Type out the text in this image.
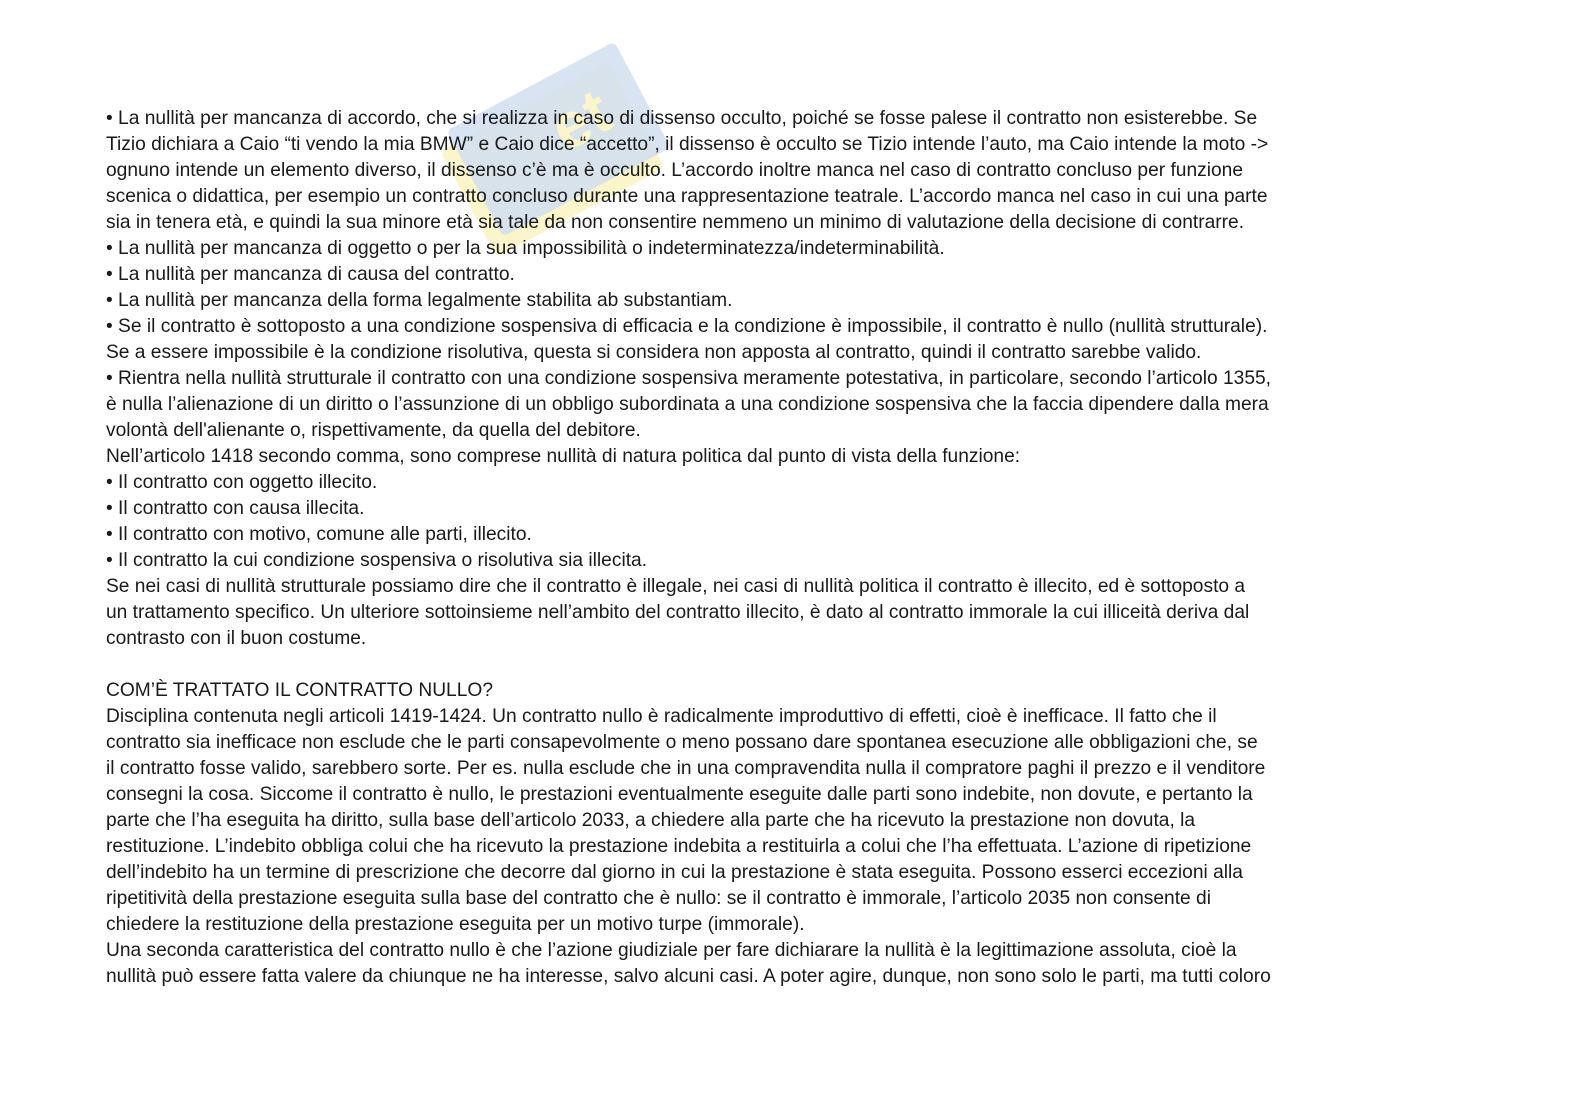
et
• La nullità per mancanza di accordo, che si realizza in caso di dissenso occulto, poiché se fosse palese il contratto non esisterebbe. Se
Tizio dichiara a Caio “ti vendo la mia BMW” e Caio dice “accetto”, il dissenso è occulto se Tizio intende l’auto, ma Caio intende la moto ->
ognuno intende un elemento diverso, il dissenso c’è ma è occulto. L’accordo inoltre manca nel caso di contratto concluso per funzione
scenica o didattica, per esempio un contratto concluso durante una rappresentazione teatrale. L’accordo manca nel caso in cui una parte
sia in tenera età, e quindi la sua minore età sia tale da non consentire nemmeno un minimo di valutazione della decisione di contrarre.
• La nullità per mancanza di oggetto o per la sua impossibilità o indeterminatezza/indeterminabilità.
• La nullità per mancanza di causa del contratto.
• La nullità per mancanza della forma legalmente stabilita ab substantiam.
• Se il contratto è sottoposto a una condizione sospensiva di efficacia e la condizione è impossibile, il contratto è nullo (nullità strutturale).
Se a essere impossibile è la condizione risolutiva, questa si considera non apposta al contratto, quindi il contratto sarebbe valido.
• Rientra nella nullità strutturale il contratto con una condizione sospensiva meramente potestativa, in particolare, secondo l’articolo 1355,
è nulla l’alienazione di un diritto o l’assunzione di un obbligo subordinata a una condizione sospensiva che la faccia dipendere dalla mera
volontà dell'alienante o, rispettivamente, da quella del debitore.
Nell’articolo 1418 secondo comma, sono comprese nullità di natura politica dal punto di vista della funzione:
• Il contratto con oggetto illecito.
• Il contratto con causa illecita.
• Il contratto con motivo, comune alle parti, illecito.
• Il contratto la cui condizione sospensiva o risolutiva sia illecita.
Se nei casi di nullità strutturale possiamo dire che il contratto è illegale, nei casi di nullità politica il contratto è illecito, ed è sottoposto a
un trattamento specifico. Un ulteriore sottoinsieme nell’ambito del contratto illecito, è dato al contratto immorale la cui illiceità deriva dal
contrasto con il buon costume.
COM’È TRATTATO IL CONTRATTO NULLO?
Disciplina contenuta negli articoli 1419-1424. Un contratto nullo è radicalmente improduttivo di effetti, cioè è inefficace. Il fatto che il
contratto sia inefficace non esclude che le parti consapevolmente o meno possano dare spontanea esecuzione alle obbligazioni che, se
il contratto fosse valido, sarebbero sorte. Per es. nulla esclude che in una compravendita nulla il compratore paghi il prezzo e il venditore
consegni la cosa. Siccome il contratto è nullo, le prestazioni eventualmente eseguite dalle parti sono indebite, non dovute, e pertanto la
parte che l’ha eseguita ha diritto, sulla base dell’articolo 2033, a chiedere alla parte che ha ricevuto la prestazione non dovuta, la
restituzione. L’indebito obbliga colui che ha ricevuto la prestazione indebita a restituirla a colui che l’ha effettuata. L’azione di ripetizione
dell’indebito ha un termine di prescrizione che decorre dal giorno in cui la prestazione è stata eseguita. Possono esserci eccezioni alla
ripetitività della prestazione eseguita sulla base del contratto che è nullo: se il contratto è immorale, l’articolo 2035 non consente di
chiedere la restituzione della prestazione eseguita per un motivo turpe (immorale).
Una seconda caratteristica del contratto nullo è che l’azione giudiziale per fare dichiarare la nullità è la legittimazione assoluta, cioè la
nullità può essere fatta valere da chiunque ne ha interesse, salvo alcuni casi. A poter agire, dunque, non sono solo le parti, ma tutti coloro
